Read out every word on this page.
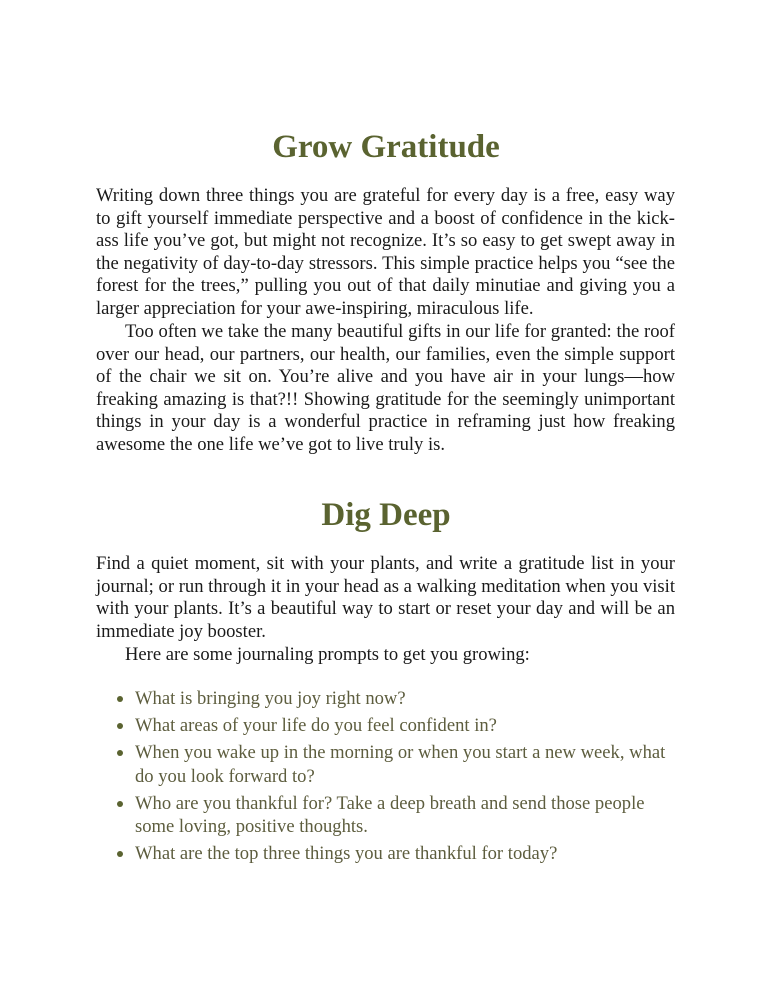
Grow Gratitude

Writing down three things you are grateful for every day is a free, easy way to gift yourself immediate perspective and a boost of confidence in the kick-ass life you’ve got, but might not recognize. It’s so easy to get swept away in the negativity of day-to-day stressors. This simple practice helps you “see the forest for the trees,” pulling you out of that daily minutiae and giving you a larger appreciation for your awe-inspiring, miraculous life.

Too often we take the many beautiful gifts in our life for granted: the roof over our head, our partners, our health, our families, even the simple support of the chair we sit on. You’re alive and you have air in your lungs—how freaking amazing is that?!! Showing gratitude for the seemingly unimportant things in your day is a wonderful practice in reframing just how freaking awesome the one life we’ve got to live truly is.

Dig Deep

Find a quiet moment, sit with your plants, and write a gratitude list in your journal; or run through it in your head as a walking meditation when you visit with your plants. It’s a beautiful way to start or reset your day and will be an immediate joy booster.

Here are some journaling prompts to get you growing:

What is bringing you joy right now?
What areas of your life do you feel confident in?
When you wake up in the morning or when you start a new week, what do you look forward to?
Who are you thankful for? Take a deep breath and send those people some loving, positive thoughts.
What are the top three things you are thankful for today?
